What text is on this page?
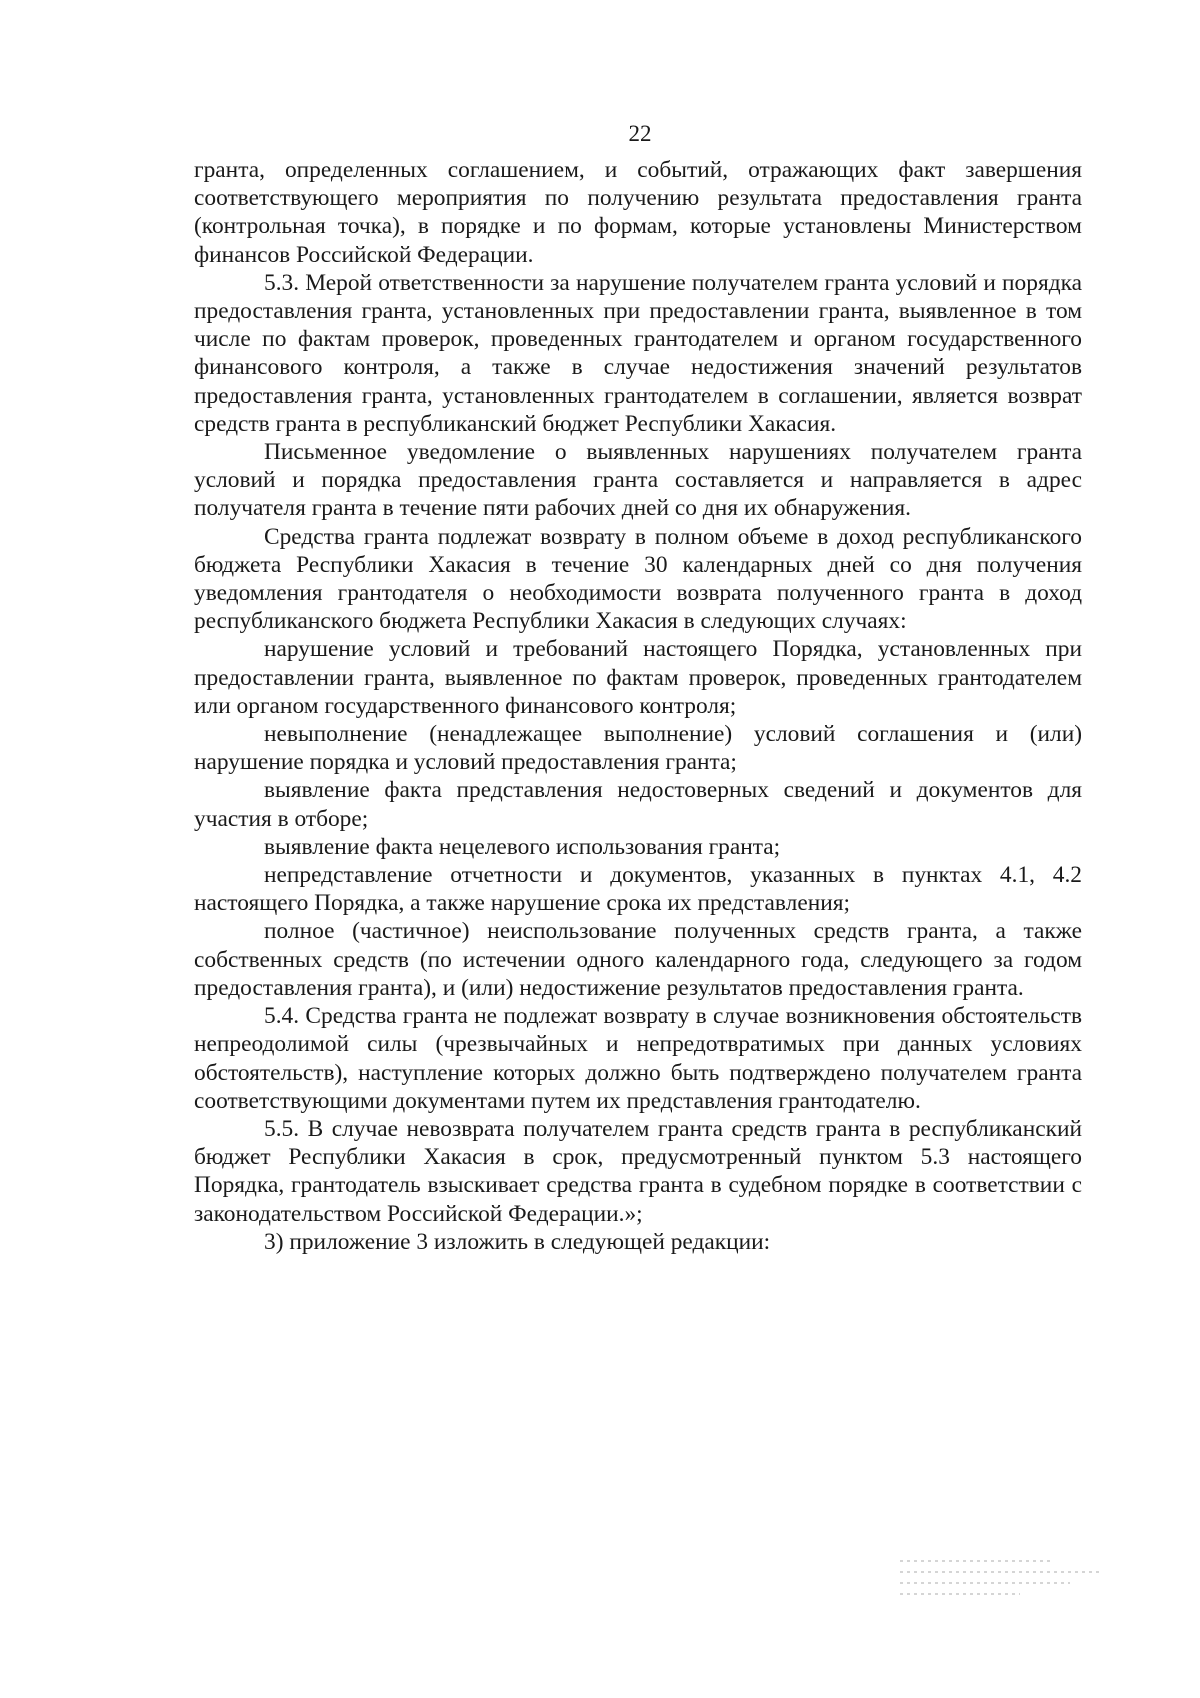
22

гранта, определенных соглашением, и событий, отражающих факт завершения соответствующего мероприятия по получению результата предоставления гранта (контрольная точка), в порядке и по формам, которые установлены Министерством финансов Российской Федерации.

5.3. Мерой ответственности за нарушение получателем гранта условий и порядка предоставления гранта, установленных при предоставлении гранта, выявленное в том числе по фактам проверок, проведенных грантодателем и органом государственного финансового контроля, а также в случае недостижения значений результатов предоставления гранта, установленных грантодателем в соглашении, является возврат средств гранта в республиканский бюджет Республики Хакасия.

Письменное уведомление о выявленных нарушениях получателем гранта условий и порядка предоставления гранта составляется и направляется в адрес получателя гранта в течение пяти рабочих дней со дня их обнаружения.

Средства гранта подлежат возврату в полном объеме в доход республиканского бюджета Республики Хакасия в течение 30 календарных дней со дня получения уведомления грантодателя о необходимости возврата полученного гранта в доход республиканского бюджета Республики Хакасия в следующих случаях:

нарушение условий и требований настоящего Порядка, установленных при предоставлении гранта, выявленное по фактам проверок, проведенных грантодателем или органом государственного финансового контроля;

невыполнение (ненадлежащее выполнение) условий соглашения и (или) нарушение порядка и условий предоставления гранта;

выявление факта представления недостоверных сведений и документов для участия в отборе;

выявление факта нецелевого использования гранта;

непредставление отчетности и документов, указанных в пунктах 4.1, 4.2 настоящего Порядка, а также нарушение срока их представления;

полное (частичное) неиспользование полученных средств гранта, а также собственных средств (по истечении одного календарного года, следующего за годом предоставления гранта), и (или) недостижение результатов предоставления гранта.

5.4. Средства гранта не подлежат возврату в случае возникновения обстоятельств непреодолимой силы (чрезвычайных и непредотвратимых при данных условиях обстоятельств), наступление которых должно быть подтверждено получателем гранта соответствующими документами путем их представления грантодателю.

5.5. В случае невозврата получателем гранта средств гранта в республиканский бюджет Республики Хакасия в срок, предусмотренный пунктом 5.3 настоящего Порядка, грантодатель взыскивает средства гранта в судебном порядке в соответствии с законодательством Российской Федерации.»;

3) приложение 3 изложить в следующей редакции:
